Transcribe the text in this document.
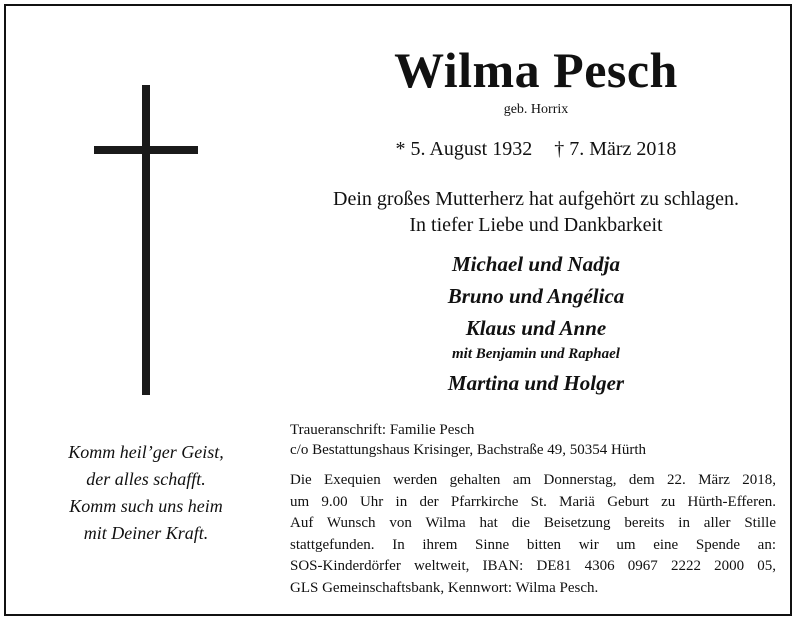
Wilma Pesch
geb. Horrix
* 5. August 1932 † 7. März 2018
Dein großes Mutterherz hat aufgehört zu schlagen.
In tiefer Liebe und Dankbarkeit
Michael und Nadja
Bruno und Angélica
Klaus und Anne
mit Benjamin und Raphael
Martina und Holger
Komm heil’ger Geist,
der alles schafft.
Komm such uns heim
mit Deiner Kraft.
Traueranschrift: Familie Pesch
c/o Bestattungshaus Krisinger, Bachstraße 49, 50354 Hürth
Die Exequien werden gehalten am Donnerstag, dem 22. März 2018,
um 9.00 Uhr in der Pfarrkirche St. Mariä Geburt zu Hürth-Efferen.
Auf Wunsch von Wilma hat die Beisetzung bereits in aller Stille
stattgefunden. In ihrem Sinne bitten wir um eine Spende an:
SOS-Kinderdörfer weltweit, IBAN: DE81 4306 0967 2222 2000 05,
GLS Gemeinschaftsbank, Kennwort: Wilma Pesch.
